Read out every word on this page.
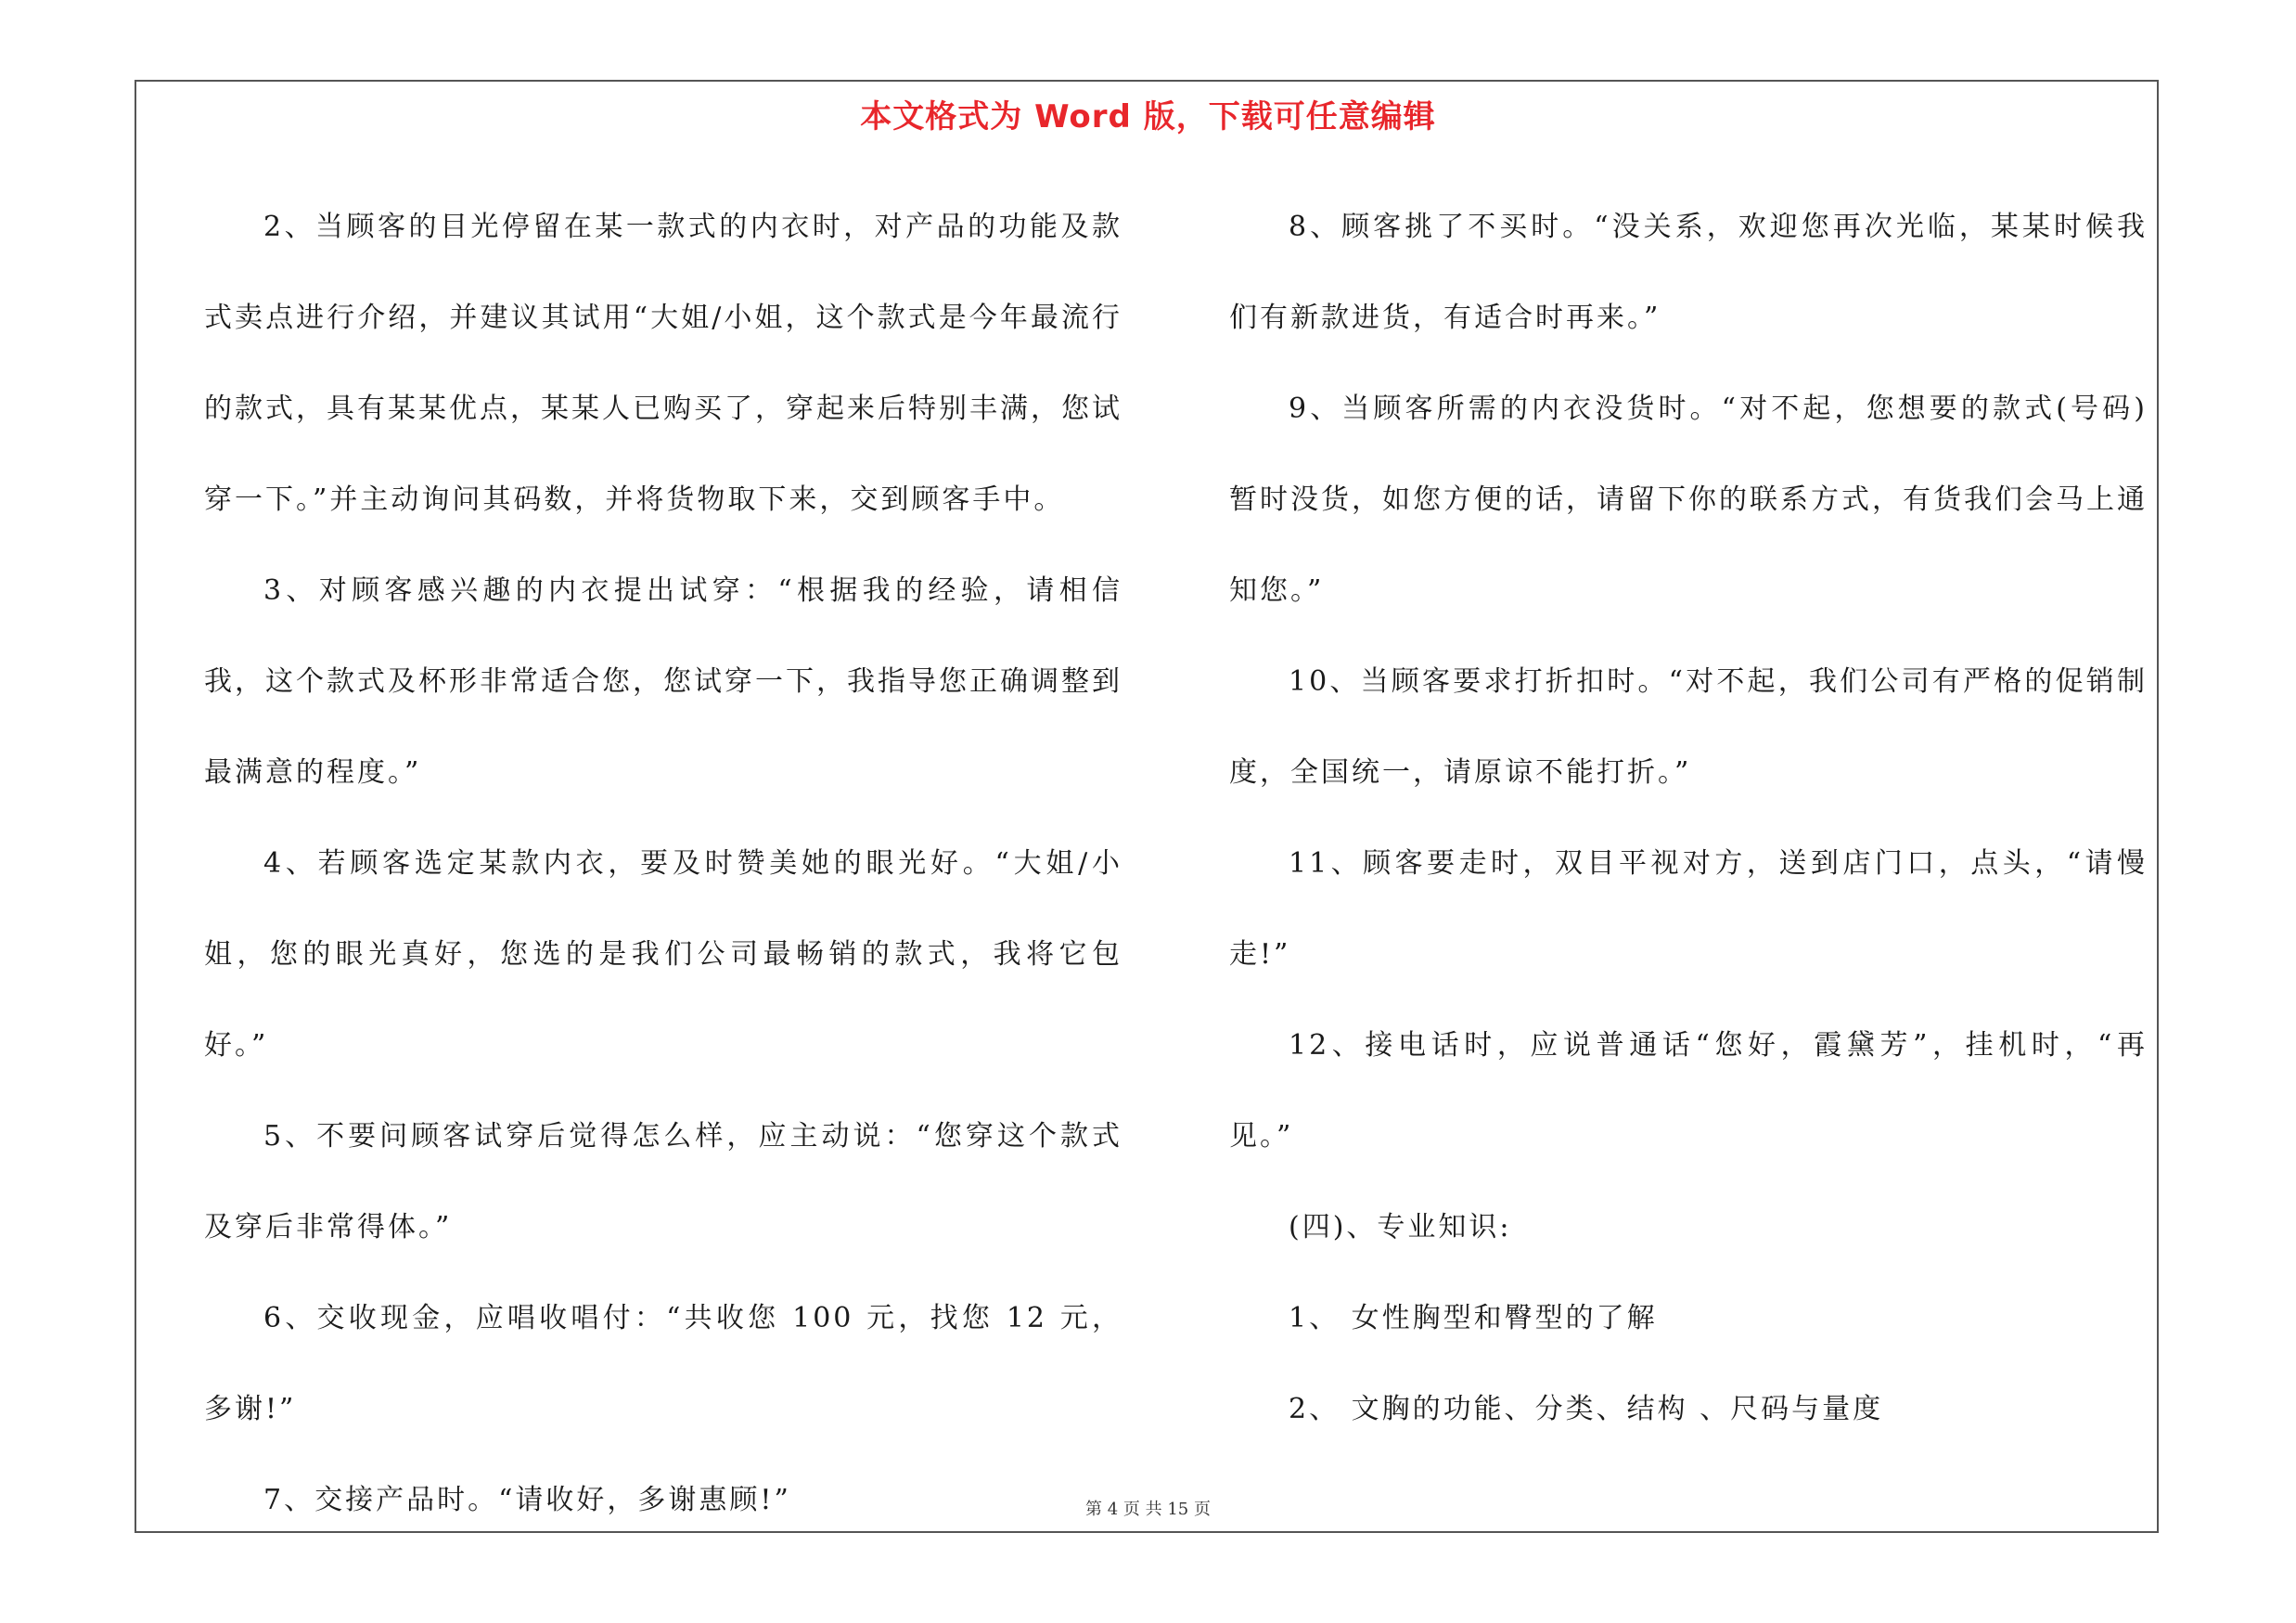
本文格式为 Word 版，下载可任意编辑

2、当顾客的目光停留在某一款式的内衣时，对产品的功能及款式卖点进行介绍，并建议其试用“大姐/小姐，这个款式是今年最流行的款式，具有某某优点，某某人已购买了，穿起来后特别丰满，您试穿一下。”并主动询问其码数，并将货物取下来，交到顾客手中。

3、对顾客感兴趣的内衣提出试穿：“根据我的经验，请相信我，这个款式及杯形非常适合您，您试穿一下，我指导您正确调整到最满意的程度。”

4、若顾客选定某款内衣，要及时赞美她的眼光好。“大姐/小姐，您的眼光真好，您选的是我们公司最畅销的款式，我将它包好。”

5、不要问顾客试穿后觉得怎么样，应主动说：“您穿这个款式及穿后非常得体。”

6、交收现金，应唱收唱付：“共收您 100 元，找您 12 元，多谢!”

7、交接产品时。“请收好，多谢惠顾!”

8、顾客挑了不买时。“没关系，欢迎您再次光临，某某时候我们有新款进货，有适合时再来。”

9、当顾客所需的内衣没货时。“对不起，您想要的款式(号码)暂时没货，如您方便的话，请留下你的联系方式，有货我们会马上通知您。”

10、当顾客要求打折扣时。“对不起，我们公司有严格的促销制度，全国统一，请原谅不能打折。”

11、顾客要走时，双目平视对方，送到店门口，点头，“请慢走!”

12、接电话时，应说普通话“您好，霞黛芳”，挂机时，“再见。”

(四)、专业知识:

1、 女性胸型和臀型的了解

2、 文胸的功能、分类、结构 、尺码与量度

第 4 页 共 15 页
